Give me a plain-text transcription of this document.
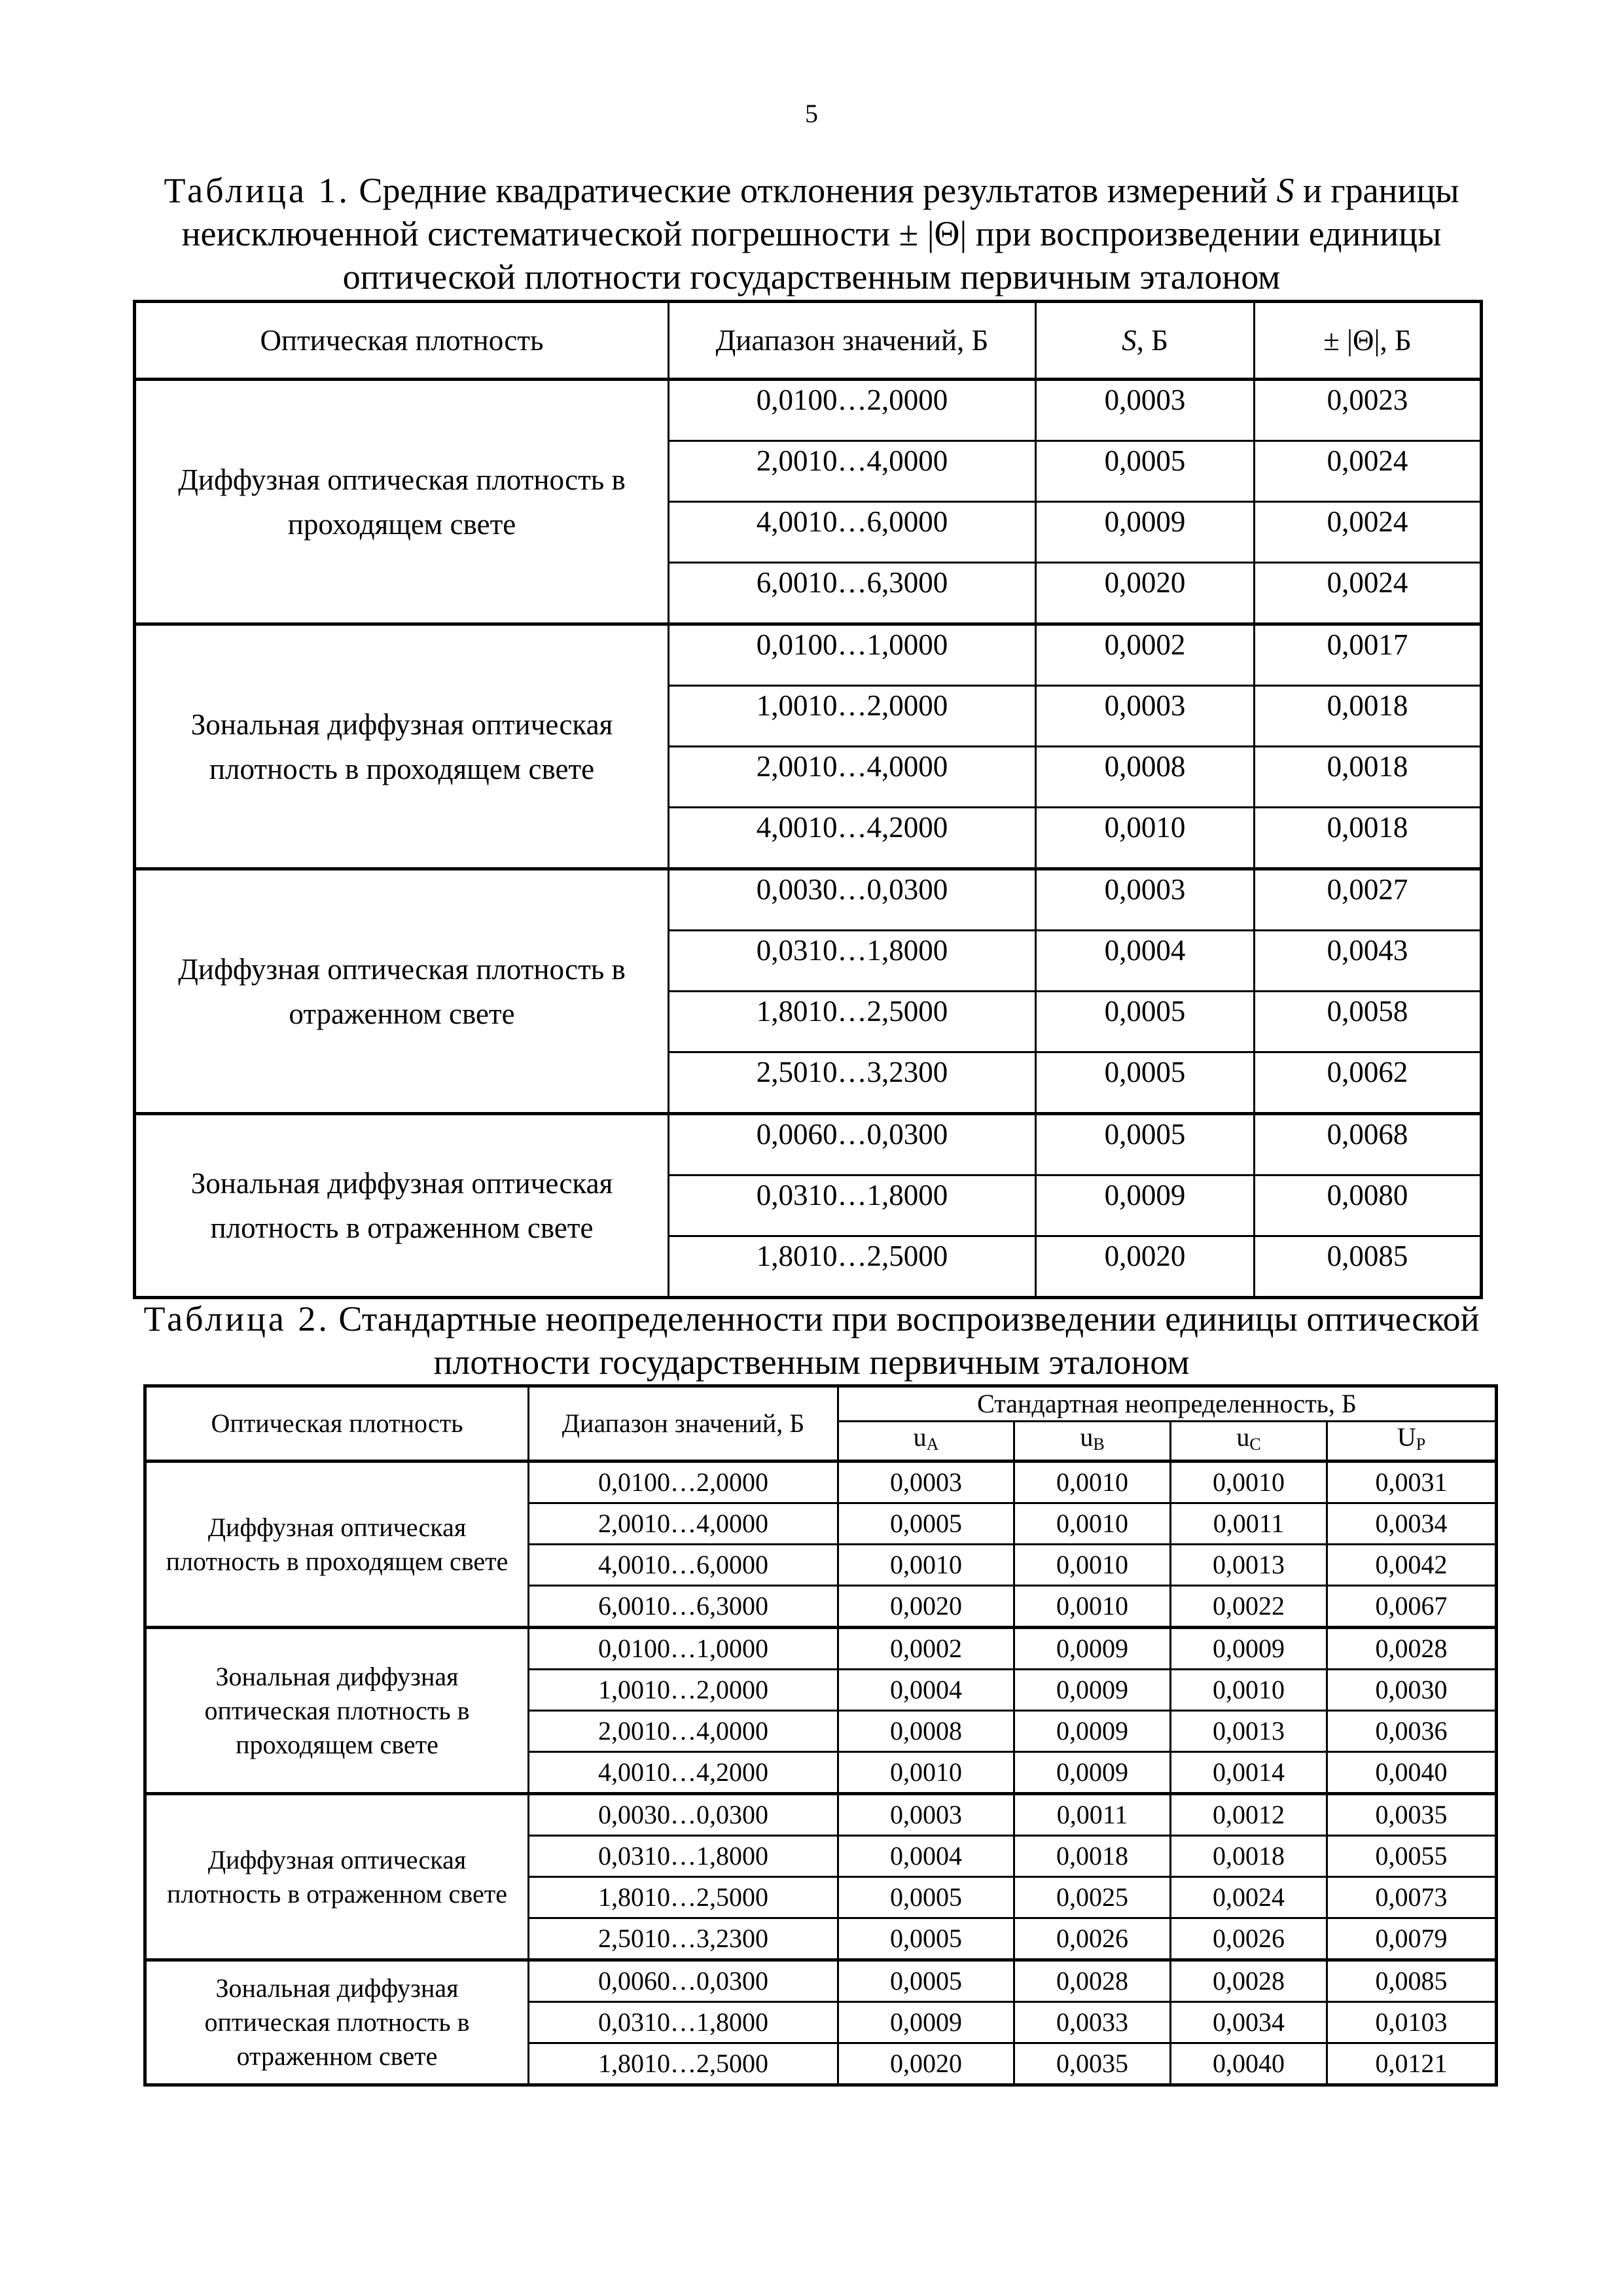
5
Таблица 1. Средние квадратические отклонения результатов измерений S и границы неисключенной систематической погрешности ± |Θ| при воспроизведении единицы оптической плотности государственным первичным эталоном
Оптическая плотность	Диапазон значений, Б	S, Б	± |Θ|, Б
Диффузная оптическая плотность в проходящем свете	0,0100…2,0000	0,0003	0,0023
	2,0010…4,0000	0,0005	0,0024
	4,0010…6,0000	0,0009	0,0024
	6,0010…6,3000	0,0020	0,0024
Зональная диффузная оптическая плотность в проходящем свете	0,0100…1,0000	0,0002	0,0017
	1,0010…2,0000	0,0003	0,0018
	2,0010…4,0000	0,0008	0,0018
	4,0010…4,2000	0,0010	0,0018
Диффузная оптическая плотность в отраженном свете	0,0030…0,0300	0,0003	0,0027
	0,0310…1,8000	0,0004	0,0043
	1,8010…2,5000	0,0005	0,0058
	2,5010…3,2300	0,0005	0,0062
Зональная диффузная оптическая плотность в отраженном свете	0,0060…0,0300	0,0005	0,0068
	0,0310…1,8000	0,0009	0,0080
	1,8010…2,5000	0,0020	0,0085
Таблица 2. Стандартные неопределенности при воспроизведении единицы оптической плотности государственным первичным эталоном
Оптическая плотность	Диапазон значений, Б	Стандартная неопределенность, Б			
		$u_A$	$u_B$	$u_C$	$U_P$
Диффузная оптическая плотность в проходящем свете	0,0100…2,0000	0,0003	0,0010	0,0010	0,0031
	2,0010…4,0000	0,0005	0,0010	0,0011	0,0034
	4,0010…6,0000	0,0010	0,0010	0,0013	0,0042
	6,0010…6,3000	0,0020	0,0010	0,0022	0,0067
Зональная диффузная оптическая плотность в проходящем свете	0,0100…1,0000	0,0002	0,0009	0,0009	0,0028
	1,0010…2,0000	0,0004	0,0009	0,0010	0,0030
	2,0010…4,0000	0,0008	0,0009	0,0013	0,0036
	4,0010…4,2000	0,0010	0,0009	0,0014	0,0040
Диффузная оптическая плотность в отраженном свете	0,0030…0,0300	0,0003	0,0011	0,0012	0,0035
	0,0310…1,8000	0,0004	0,0018	0,0018	0,0055
	1,8010…2,5000	0,0005	0,0025	0,0024	0,0073
	2,5010…3,2300	0,0005	0,0026	0,0026	0,0079
Зональная диффузная оптическая плотность в отраженном свете	0,0060…0,0300	0,0005	0,0028	0,0028	0,0085
	0,0310…1,8000	0,0009	0,0033	0,0034	0,0103
	1,8010…2,5000	0,0020	0,0035	0,0040	0,0121
